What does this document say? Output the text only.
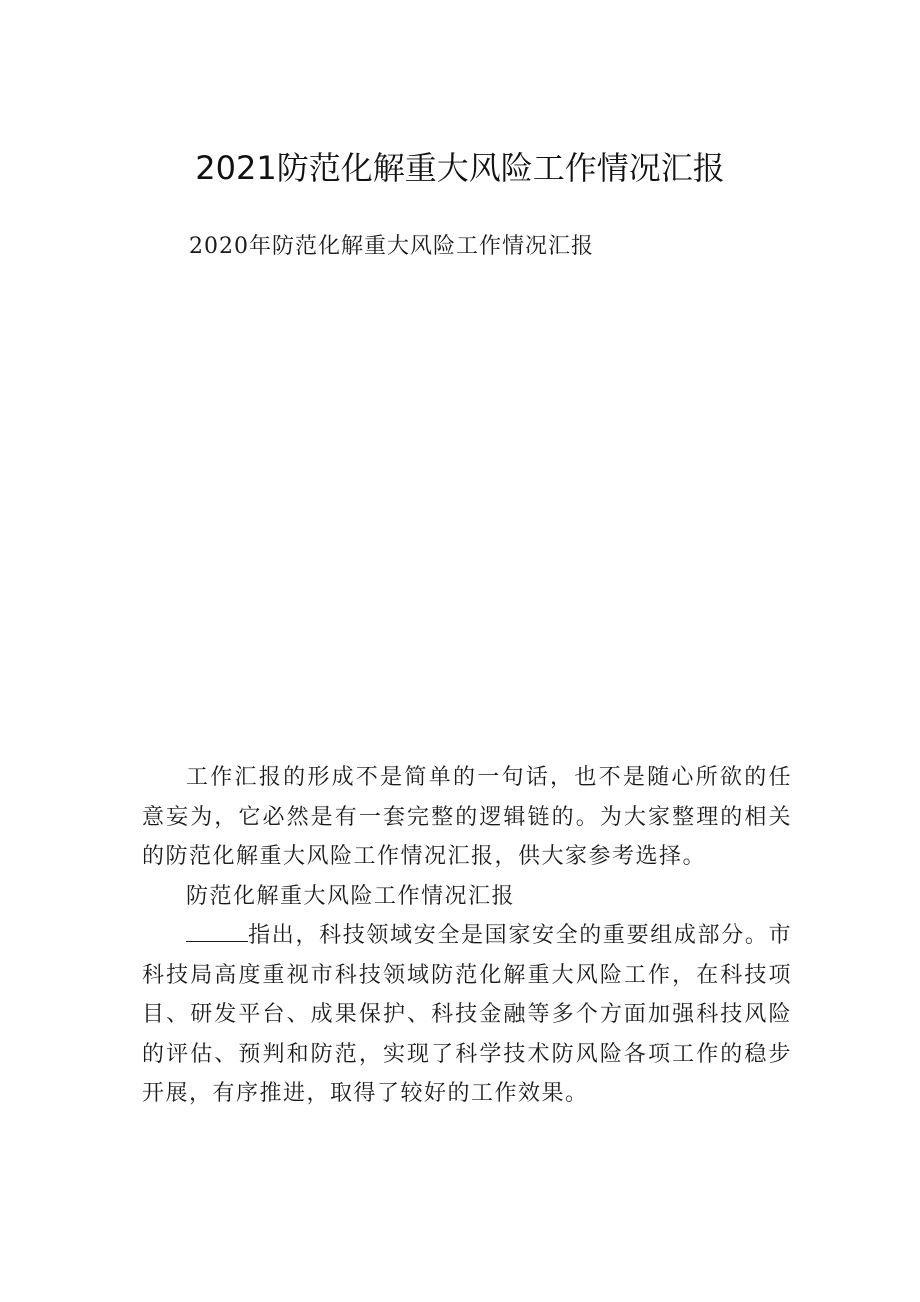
2021防范化解重大风险工作情况汇报

2020年防范化解重大风险工作情况汇报

工作汇报的形成不是简单的一句话，也不是随心所欲的任意妄为，它必然是有一套完整的逻辑链的。为大家整理的相关的防范化解重大风险工作情况汇报，供大家参考选择。

防范化解重大风险工作情况汇报

指出，科技领域安全是国家安全的重要组成部分。市科技局高度重视市科技领域防范化解重大风险工作，在科技项目、研发平台、成果保护、科技金融等多个方面加强科技风险的评估、预判和防范，实现了科学技术防风险各项工作的稳步开展，有序推进，取得了较好的工作效果。
